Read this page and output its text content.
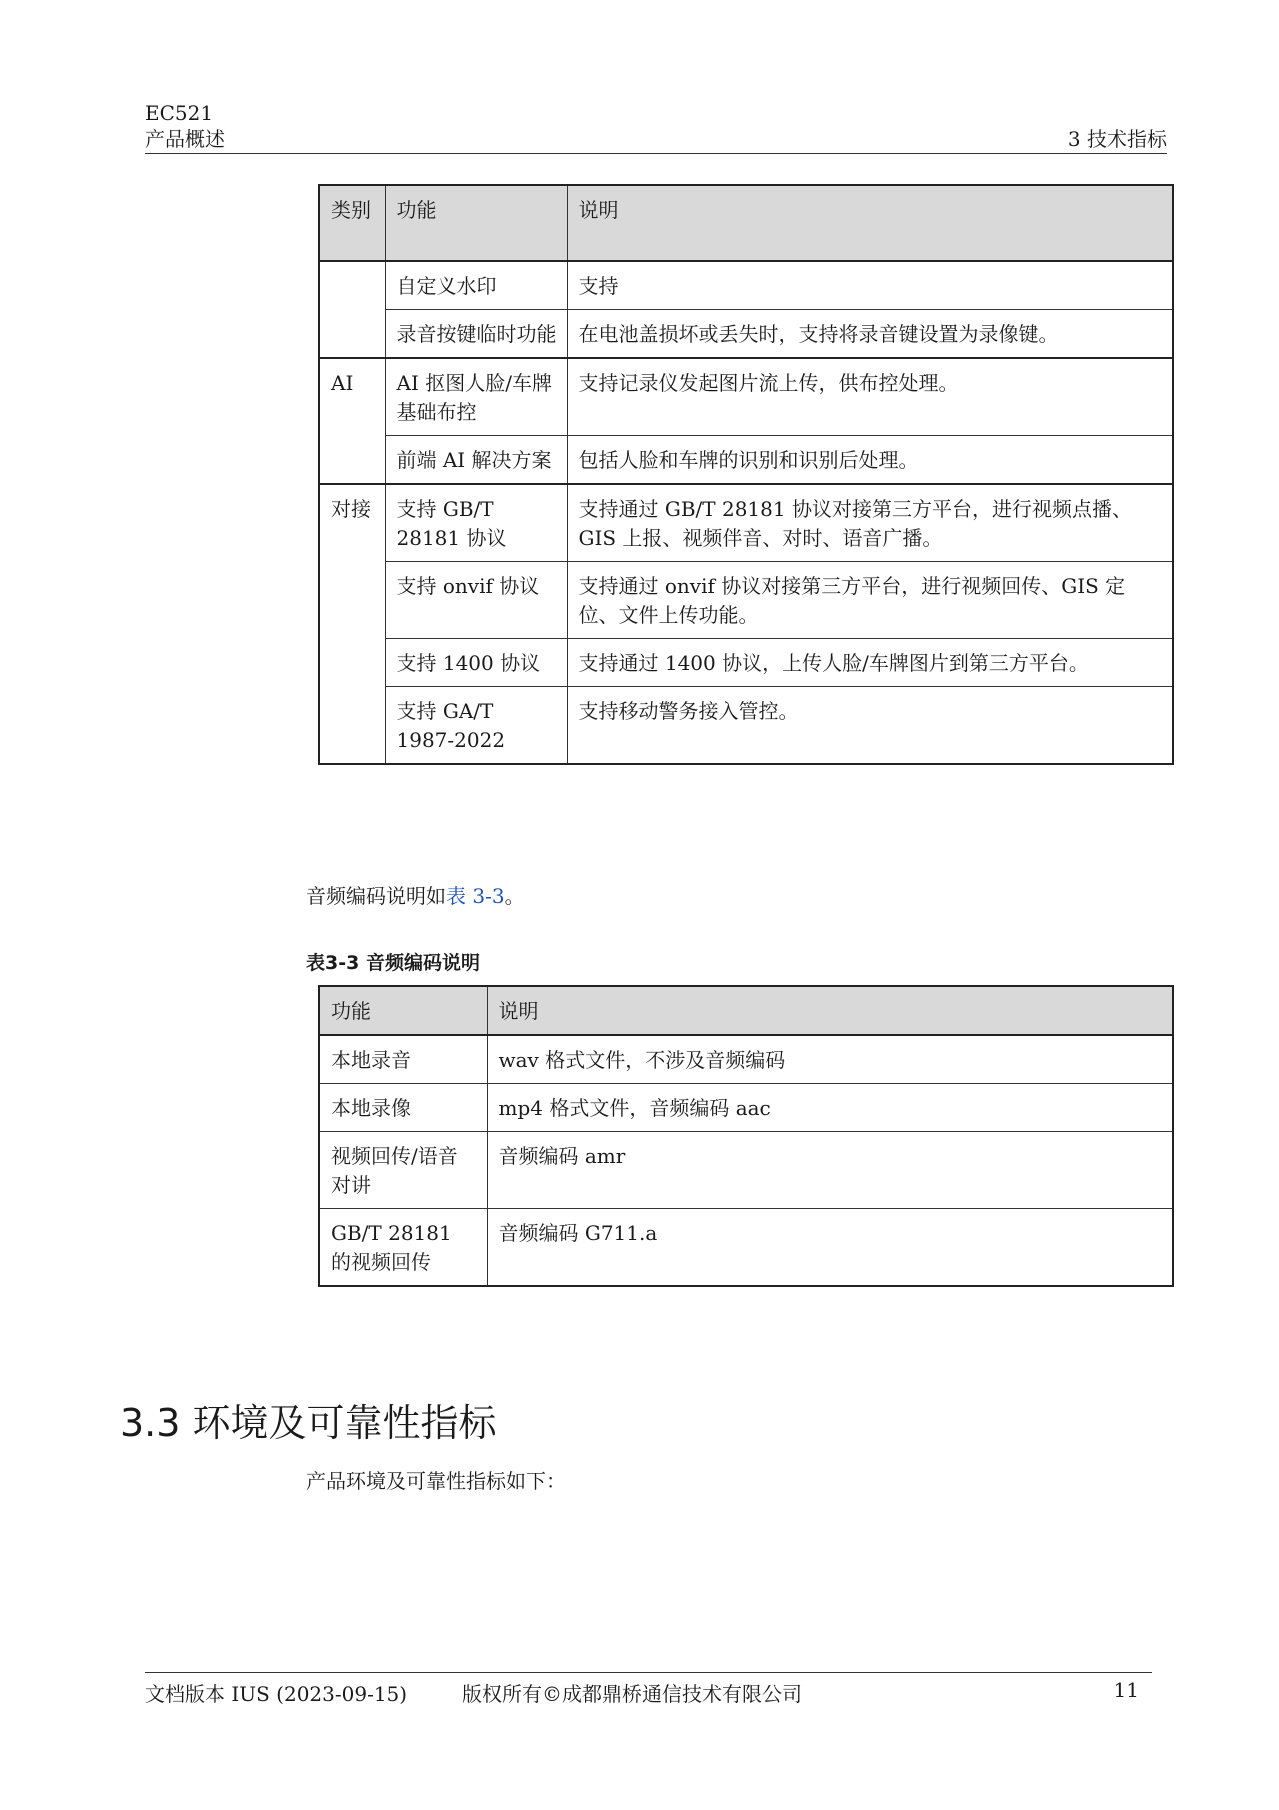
EC521
产品概述	3 技术指标
类别	功能	说明
	自定义水印	支持
	录音按键临时功能	在电池盖损坏或丢失时，支持将录音键设置为录像键。
AI	AI 抠图人脸/车牌基础布控	支持记录仪发起图片流上传，供布控处理。
	前端 AI 解决方案	包括人脸和车牌的识别和识别后处理。
对接	支持 GB/T 28181 协议	支持通过 GB/T 28181 协议对接第三方平台，进行视频点播、GIS 上报、视频伴音、对时、语音广播。
	支持 onvif 协议	支持通过 onvif 协议对接第三方平台，进行视频回传、GIS 定位、文件上传功能。
	支持 1400 协议	支持通过 1400 协议，上传人脸/车牌图片到第三方平台。
	支持 GA/T 1987-2022	支持移动警务接入管控。
音频编码说明如表 3-3。
表3-3 音频编码说明
功能	说明
本地录音	wav 格式文件，不涉及音频编码
本地录像	mp4 格式文件，音频编码 aac
视频回传/语音对讲	音频编码 amr
GB/T 28181 的视频回传	音频编码 G711.a
3.3 环境及可靠性指标
产品环境及可靠性指标如下：
文档版本 IUS (2023-09-15)	版权所有©成都鼎桥通信技术有限公司	11
